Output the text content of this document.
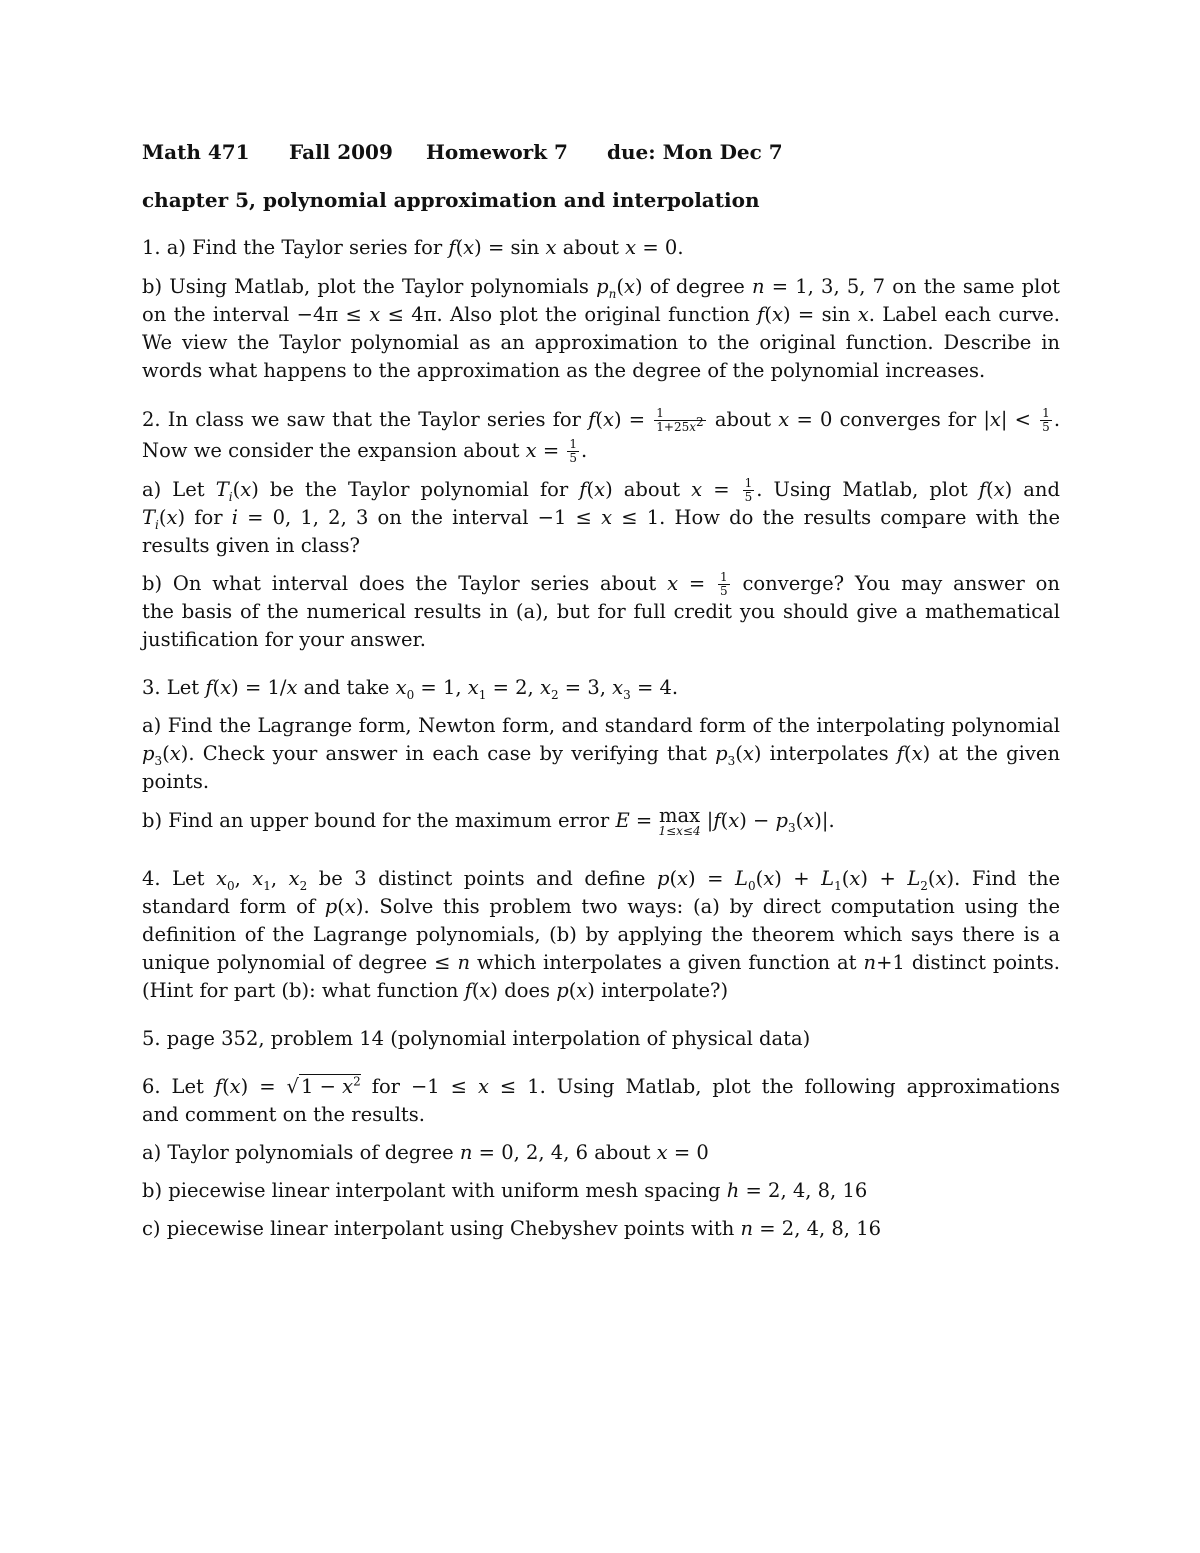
Math 471 Fall 2009 Homework 7 due: Mon Dec 7
chapter 5, polynomial approximation and interpolation
1. a) Find the Taylor series for f(x) = sin x about x = 0.
b) Using Matlab, plot the Taylor polynomials $p_n(x)$ of degree n = 1, 3, 5, 7 on the same plot
on the interval −4π ≤ x ≤ 4π. Also plot the original function f(x) = sin x. Label each curve.
We view the Taylor polynomial as an approximation to the original function. Describe in
words what happens to the approximation as the degree of the polynomial increases.
2. In class we saw that the Taylor series for $f(x) = \frac{1}{1+25x^2}$ about x = 0 converges for $|x| < \frac{1}{5}$ .
Now we consider the expansion about $x = \frac{1}{5}$ .
a) Let $T_i(x)$ be the Taylor polynomial for f(x) about $x = \frac{1}{5}$ . Using Matlab, plot f(x) and
$T_i(x)$ for i = 0, 1, 2, 3 on the interval −1 ≤ x ≤ 1. How do the results compare with the
results given in class?
b) On what interval does the Taylor series about $x = \frac{1}{5}$ converge? You may answer on
the basis of the numerical results in (a), but for full credit you should give a mathematical
justification for your answer.
3. Let f(x) = 1/x and take $x_0 = 1$, $x_1 = 2$, $x_2 = 3$, $x_3 = 4$.
a) Find the Lagrange form, Newton form, and standard form of the interpolating polynomial
$p_3(x)$. Check your answer in each case by verifying that $p_3(x)$ interpolates f(x) at the given
points.
b) Find an upper bound for the maximum error E = max
1≤x≤4 $|f(x) - p_3(x)|$.
4. Let $x_0$, $x_1$, $x_2$ be 3 distinct points and define $p(x) = L_0(x) + L_1(x) + L_2(x)$. Find the
standard form of p(x). Solve this problem two ways: (a) by direct computation using the
definition of the Lagrange polynomials, (b) by applying the theorem which says there is a
unique polynomial of degree ≤ n which interpolates a given function at n+1 distinct points.
(Hint for part (b): what function f(x) does p(x) interpolate?)
5. page 352, problem 14 (polynomial interpolation of physical data)
6. Let f(x) = √ $1 - x^2$ for −1 ≤ x ≤ 1. Using Matlab, plot the following approximations
and comment on the results.
a) Taylor polynomials of degree n = 0, 2, 4, 6 about x = 0
b) piecewise linear interpolant with uniform mesh spacing h = 2, 4, 8, 16
c) piecewise linear interpolant using Chebyshev points with n = 2, 4, 8, 16
